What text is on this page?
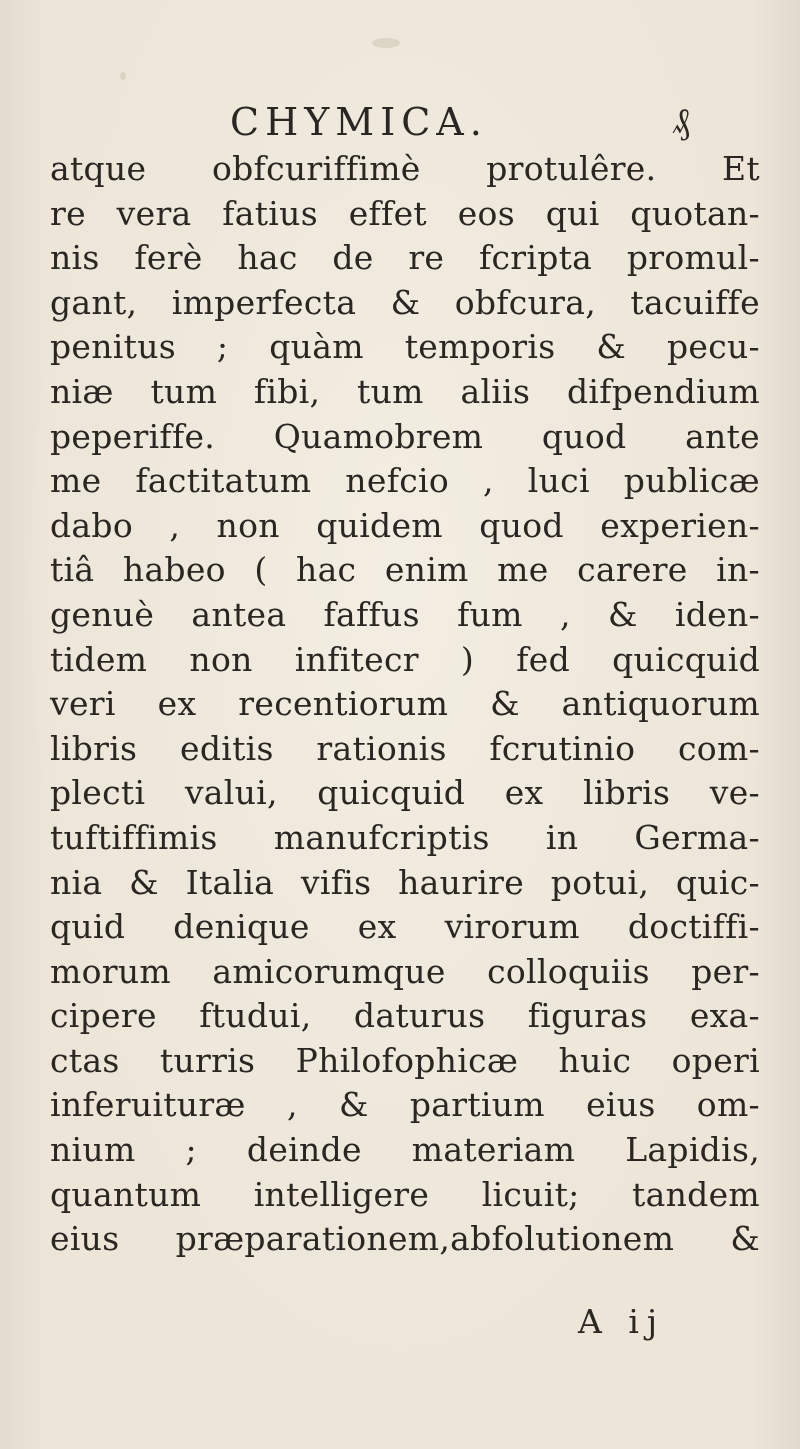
CHYMICA.	₰
atque obfcuriffimè protulêre. Et
re vera fatius effet eos qui quotan-
nis ferè hac de re fcripta promul-
gant, imperfecta & obfcura, tacuiffe
penitus ; quàm temporis & pecu-
niæ tum fibi, tum aliis difpendium
peperiffe. Quamobrem quod ante
me factitatum nefcio , luci publicæ
dabo , non quidem quod experien-
tiâ habeo ( hac enim me carere in-
genuè antea faffus fum , & iden-
tidem non infitecr ) fed quicquid
veri ex recentiorum & antiquorum
libris editis rationis fcrutinio com-
plecti valui, quicquid ex libris ve-
tuftiffimis manufcriptis in Germa-
nia & Italia vifis haurire potui, quic-
quid denique ex virorum doctiffi-
morum amicorumque colloquiis per-
cipere ftudui, daturus figuras exa-
ctas turris Philofophicæ huic operi
inferuituræ , & partium eius om-
nium ; deinde materiam Lapidis,
quantum intelligere licuit; tandem
eius præparationem,abfolutionem &
A ij
